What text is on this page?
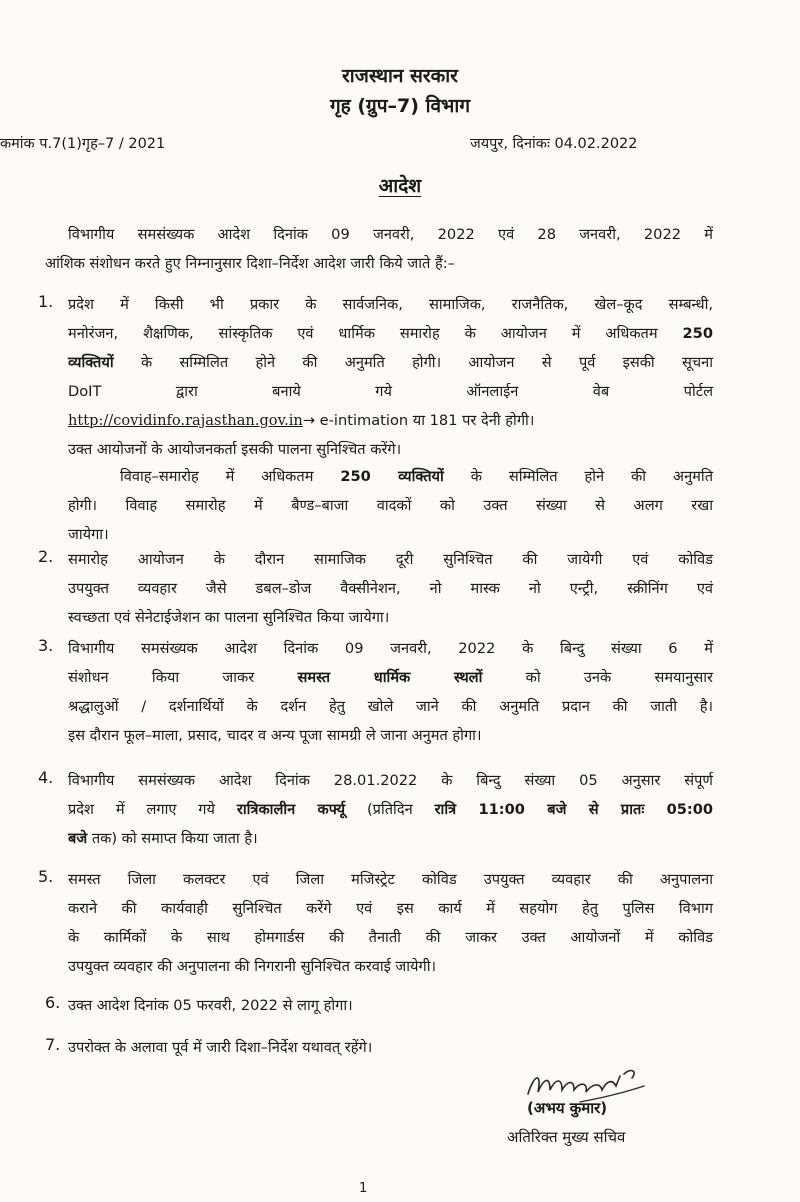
राजस्थान सरकार
गृह (ग्रुप–7) विभाग
कमांक प.7(1)गृह–7 / 2021	जयपुर, दिनांकः 04.02.2022
आदेश
विभागीय समसंख्यक आदेश दिनांक 09 जनवरी, 2022 एवं 28 जनवरी, 2022 में
आंशिक संशोधन करते हुए निम्नानुसार दिशा–निर्देश आदेश जारी किये जाते हैं:–
1. प्रदेश में किसी भी प्रकार के सार्वजनिक, सामाजिक, राजनैतिक, खेल–कूद सम्बन्धी,
मनोरंजन, शैक्षणिक, सांस्कृतिक एवं धार्मिक समारोह के आयोजन में अधिकतम 250
व्यक्तियों के सम्मिलित होने की अनुमति होगी। आयोजन से पूर्व इसकी सूचना
DoIT द्वारा बनाये गये ऑनलाईन वेब पोर्टल
http://covidinfo.rajasthan.gov.in→ e-intimation या 181 पर देनी होगी।
उक्त आयोजनों के आयोजनकर्ता इसकी पालना सुनिश्चित करेंगे।
विवाह–समारोह में अधिकतम 250 व्यक्तियों के सम्मिलित होने की अनुमति
होगी। विवाह समारोह में बैण्ड–बाजा वादकों को उक्त संख्या से अलग रखा
जायेगा।
2. समारोह आयोजन के दौरान सामाजिक दूरी सुनिश्चित की जायेगी एवं कोविड
उपयुक्त व्यवहार जैसे डबल–डोज वैक्सीनेशन, नो मास्क नो एन्ट्री, स्क्रीनिंग एवं
स्वच्छता एवं सेनेटाईजेशन का पालना सुनिश्चित किया जायेगा।
3. विभागीय समसंख्यक आदेश दिनांक 09 जनवरी, 2022 के बिन्दु संख्या 6 में
संशोधन किया जाकर	समस्त धार्मिक स्थलों	को उनके समयानुसार
श्रद्धालुओं / दर्शनार्थियों के दर्शन हेतु खोले जाने की अनुमति प्रदान की जाती है।
इस दौरान फूल–माला, प्रसाद, चादर व अन्य पूजा सामग्री ले जाना अनुमत होगा।
4. विभागीय समसंख्यक आदेश दिनांक 28.01.2022 के बिन्दु संख्या 05 अनुसार संपूर्ण
प्रदेश में लगाए गये रात्रिकालीन कर्फ्यू (प्रतिदिन रात्रि 11:00 बजे से प्रातः 05:00
बजे तक) को समाप्त किया जाता है।
5. समस्त जिला कलक्टर एवं जिला मजिस्ट्रेट कोविड उपयुक्त व्यवहार की अनुपालना
कराने की कार्यवाही सुनिश्चित करेंगे एवं इस कार्य में सहयोग हेतु पुलिस विभाग
के कार्मिकों के साथ होमगार्डस की तैनाती की जाकर उक्त आयोजनों में कोविड
उपयुक्त व्यवहार की अनुपालना की निगरानी सुनिश्चित करवाई जायेगी।
6. उक्त आदेश दिनांक 05 फरवरी, 2022 से लागू होगा।
7. उपरोक्त के अलावा पूर्व में जारी दिशा–निर्देश यथावत् रहेंगे।
(अभय कुमार)
अतिरिक्त मुख्य सचिव
1
